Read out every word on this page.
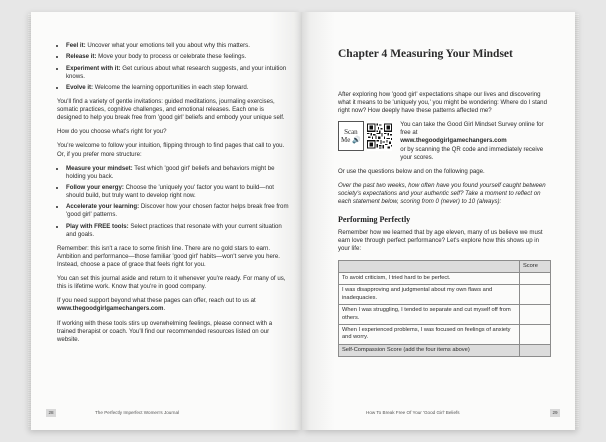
• Feel it: Uncover what your emotions tell you about why this matters.
• Release it: Move your body to process or celebrate these feelings.
• Experiment with it: Get curious about what research suggests, and your intuition knows.
• Evolve it: Welcome the learning opportunities in each step forward.

You'll find a variety of gentle invitations: guided meditations, journaling exercises, somatic practices, cognitive challenges, and emotional releases. Each one is designed to help you break free from 'good girl' beliefs and embody your unique self.

How do you choose what's right for you?

You're welcome to follow your intuition, flipping through to find pages that call to you. Or, if you prefer more structure:

• Measure your mindset: Test which 'good girl' beliefs and behaviors might be holding you back.
• Follow your energy: Choose the 'uniquely you' factor you want to build—not should build, but truly want to develop right now.
• Accelerate your learning: Discover how your chosen factor helps break free from 'good girl' patterns.
• Play with FREE tools: Select practices that resonate with your current situation and goals.

Remember: this isn't a race to some finish line. There are no gold stars to earn. Ambition and performance—those familiar 'good girl' habits—won't serve you here. Instead, choose a pace of grace that feels right for you.

You can set this journal aside and return to it whenever you're ready. For many of us, this is lifetime work. Know that you're in good company.

If you need support beyond what these pages can offer, reach out to us at www.thegoodgirlgamechangers.com.

If working with these tools stirs up overwhelming feelings, please connect with a trained therapist or coach. You'll find our recommended resources listed on our website.

28	The Perfectly Imperfect Women's Journal
Chapter 4 Measuring Your Mindset

After exploring how 'good girl' expectations shape our lives and discovering what it means to be 'uniquely you,' you might be wondering: Where do I stand right now? How deeply have these patterns affected me?

Scan
Me 🔊
You can take the Good Girl Mindset Survey online for free at
www.thegoodgirlgamechangers.com
or by scanning the QR code and immediately receive your scores.

Or use the questions below and on the following page.

Over the past two weeks, how often have you found yourself caught between society's expectations and your authentic self? Take a moment to reflect on each statement below, scoring from 0 (never) to 10 (always):

Performing Perfectly

Remember how we learned that by age eleven, many of us believe we must earn love through perfect performance? Let's explore how this shows up in your life:

	Score
To avoid criticism, I tried hard to be perfect.	
I was disapproving and judgmental about my own flaws and inadequacies.	
When I was struggling, I tended to separate and cut myself off from others.	
When I experienced problems, I was focused on feelings of anxiety and worry.	
Self-Compassion Score (add the four items above)	
How To Break Free Of Your 'Good Girl' Beliefs	29
